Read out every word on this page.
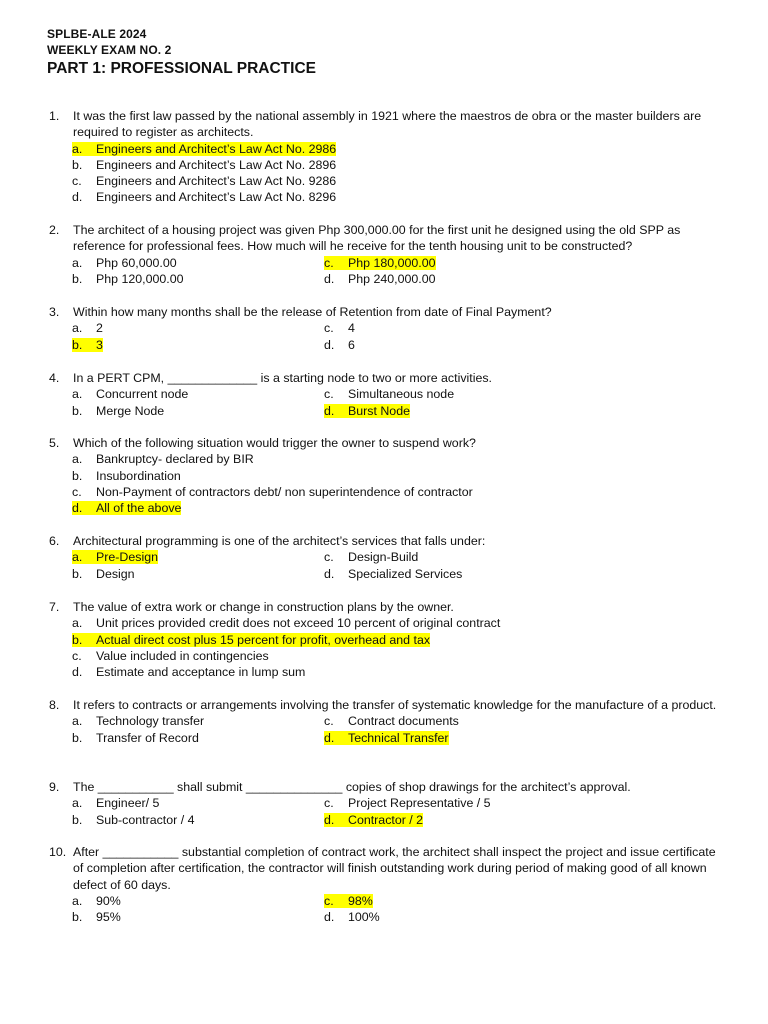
SPLBE-ALE 2024
WEEKLY EXAM NO. 2
PART 1: PROFESSIONAL PRACTICE
1.	It was the first law passed by the national assembly in 1921 where the maestros de obra or the master builders are required to register as architects.
a. Engineers and Architect’s Law Act No. 2986
b. Engineers and Architect’s Law Act No. 2896
c. Engineers and Architect’s Law Act No. 9286
d. Engineers and Architect’s Law Act No. 8296
2.	The architect of a housing project was given Php 300,000.00 for the first unit he designed using the old SPP as reference for professional fees. How much will he receive for the tenth housing unit to be constructed?
a. Php 60,000.00	c. Php 180,000.00
b. Php 120,000.00	d. Php 240,000.00
3.	Within how many months shall be the release of Retention from date of Final Payment?
a. 2	c. 4
b. 3	d. 6
4.	In a PERT CPM, _____________ is a starting node to two or more activities.
a. Concurrent node	c. Simultaneous node
b. Merge Node	d. Burst Node
5.	Which of the following situation would trigger the owner to suspend work?
a. Bankruptcy- declared by BIR
b. Insubordination
c. Non-Payment of contractors debt/ non superintendence of contractor
d. All of the above
6.	Architectural programming is one of the architect’s services that falls under:
a. Pre-Design	c. Design-Build
b. Design	d. Specialized Services
7.	The value of extra work or change in construction plans by the owner.
a. Unit prices provided credit does not exceed 10 percent of original contract
b. Actual direct cost plus 15 percent for profit, overhead and tax
c. Value included in contingencies
d. Estimate and acceptance in lump sum
8.	It refers to contracts or arrangements involving the transfer of systematic knowledge for the manufacture of a product.
a. Technology transfer	c. Contract documents
b. Transfer of Record	d. Technical Transfer
9.	The ___________ shall submit ______________ copies of shop drawings for the architect’s approval.
a. Engineer/ 5	c. Project Representative / 5
b. Sub-contractor / 4	d. Contractor / 2
10. After ___________ substantial completion of contract work, the architect shall inspect the project and issue certificate of completion after certification, the contractor will finish outstanding work during period of making good of all known defect of 60 days.
a. 90%	c. 98%
b. 95%	d. 100%
